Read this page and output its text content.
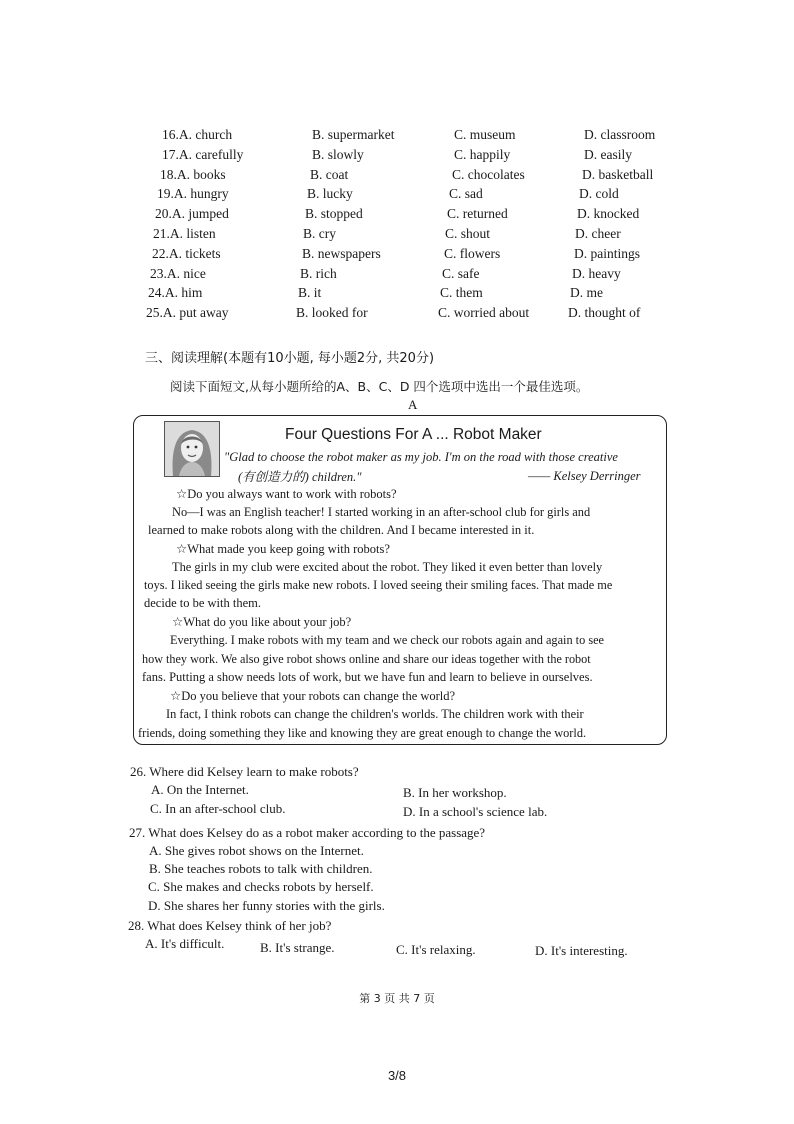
16.A. church	B. supermarket	C. museum	D. classroom
17.A. carefully	B. slowly	C. happily	D. easily
18.A. books	B. coat	C. chocolates	D. basketball
19.A. hungry	B. lucky	C. sad	D. cold
20.A. jumped	B. stopped	C. returned	D. knocked
21.A. listen	B. cry	C. shout	D. cheer
22.A. tickets	B. newspapers	C. flowers	D. paintings
23.A. nice	B. rich	C. safe	D. heavy
24.A. him	B. it	C. them	D. me
25.A. put away	B. looked for	C. worried about	D. thought of
三、阅读理解(本题有10小题, 每小题2分, 共20分)
阅读下面短文,从每小题所给的A、B、C、D 四个选项中选出一个最佳选项。
A
Four Questions For A ... Robot Maker
"Glad to choose the robot maker as my job. I'm on the road with those creative
(有创造力的) children."	—— Kelsey Derringer
☆Do you always want to work with robots?
No—I was an English teacher! I started working in an after-school club for girls and
learned to make robots along with the children. And I became interested in it.
☆What made you keep going with robots?
The girls in my club were excited about the robot. They liked it even better than lovely
toys. I liked seeing the girls make new robots. I loved seeing their smiling faces. That made me
decide to be with them.
☆What do you like about your job?
Everything. I make robots with my team and we check our robots again and again to see
how they work. We also give robot shows online and share our ideas together with the robot
fans. Putting a show needs lots of work, but we have fun and learn to believe in ourselves.
☆Do you believe that your robots can change the world?
In fact, I think robots can change the children's worlds. The children work with their
friends, doing something they like and knowing they are great enough to change the world.
26. Where did Kelsey learn to make robots?
A. On the Internet.	B. In her workshop.
C. In an after-school club.	D. In a school's science lab.
27. What does Kelsey do as a robot maker according to the passage?
A. She gives robot shows on the Internet.
B. She teaches robots to talk with children.
C. She makes and checks robots by herself.
D. She shares her funny stories with the girls.
28. What does Kelsey think of her job?
A. It's difficult.	B. It's strange.	C. It's relaxing.	D. It's interesting.
第 3 页 共 7 页
3/8
